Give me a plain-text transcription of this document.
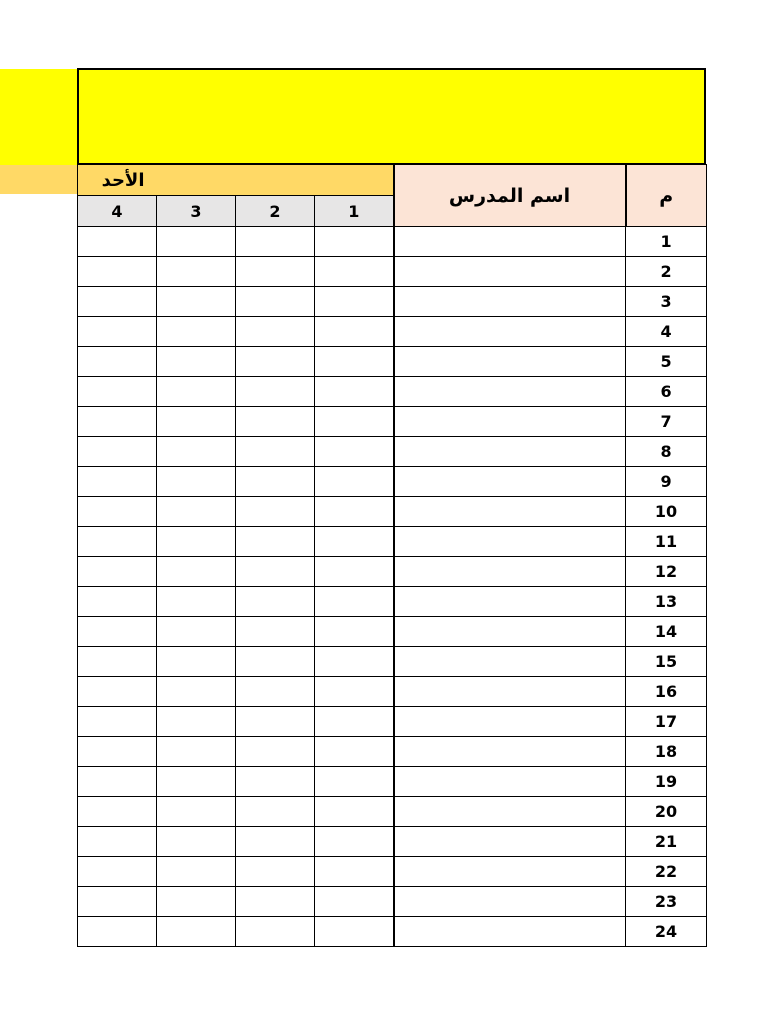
الأحد				اسم المدرس	م
4	3	2	1		
					1
					2
					3
					4
					5
					6
					7
					8
					9
					10
					11
					12
					13
					14
					15
					16
					17
					18
					19
					20
					21
					22
					23
					24
